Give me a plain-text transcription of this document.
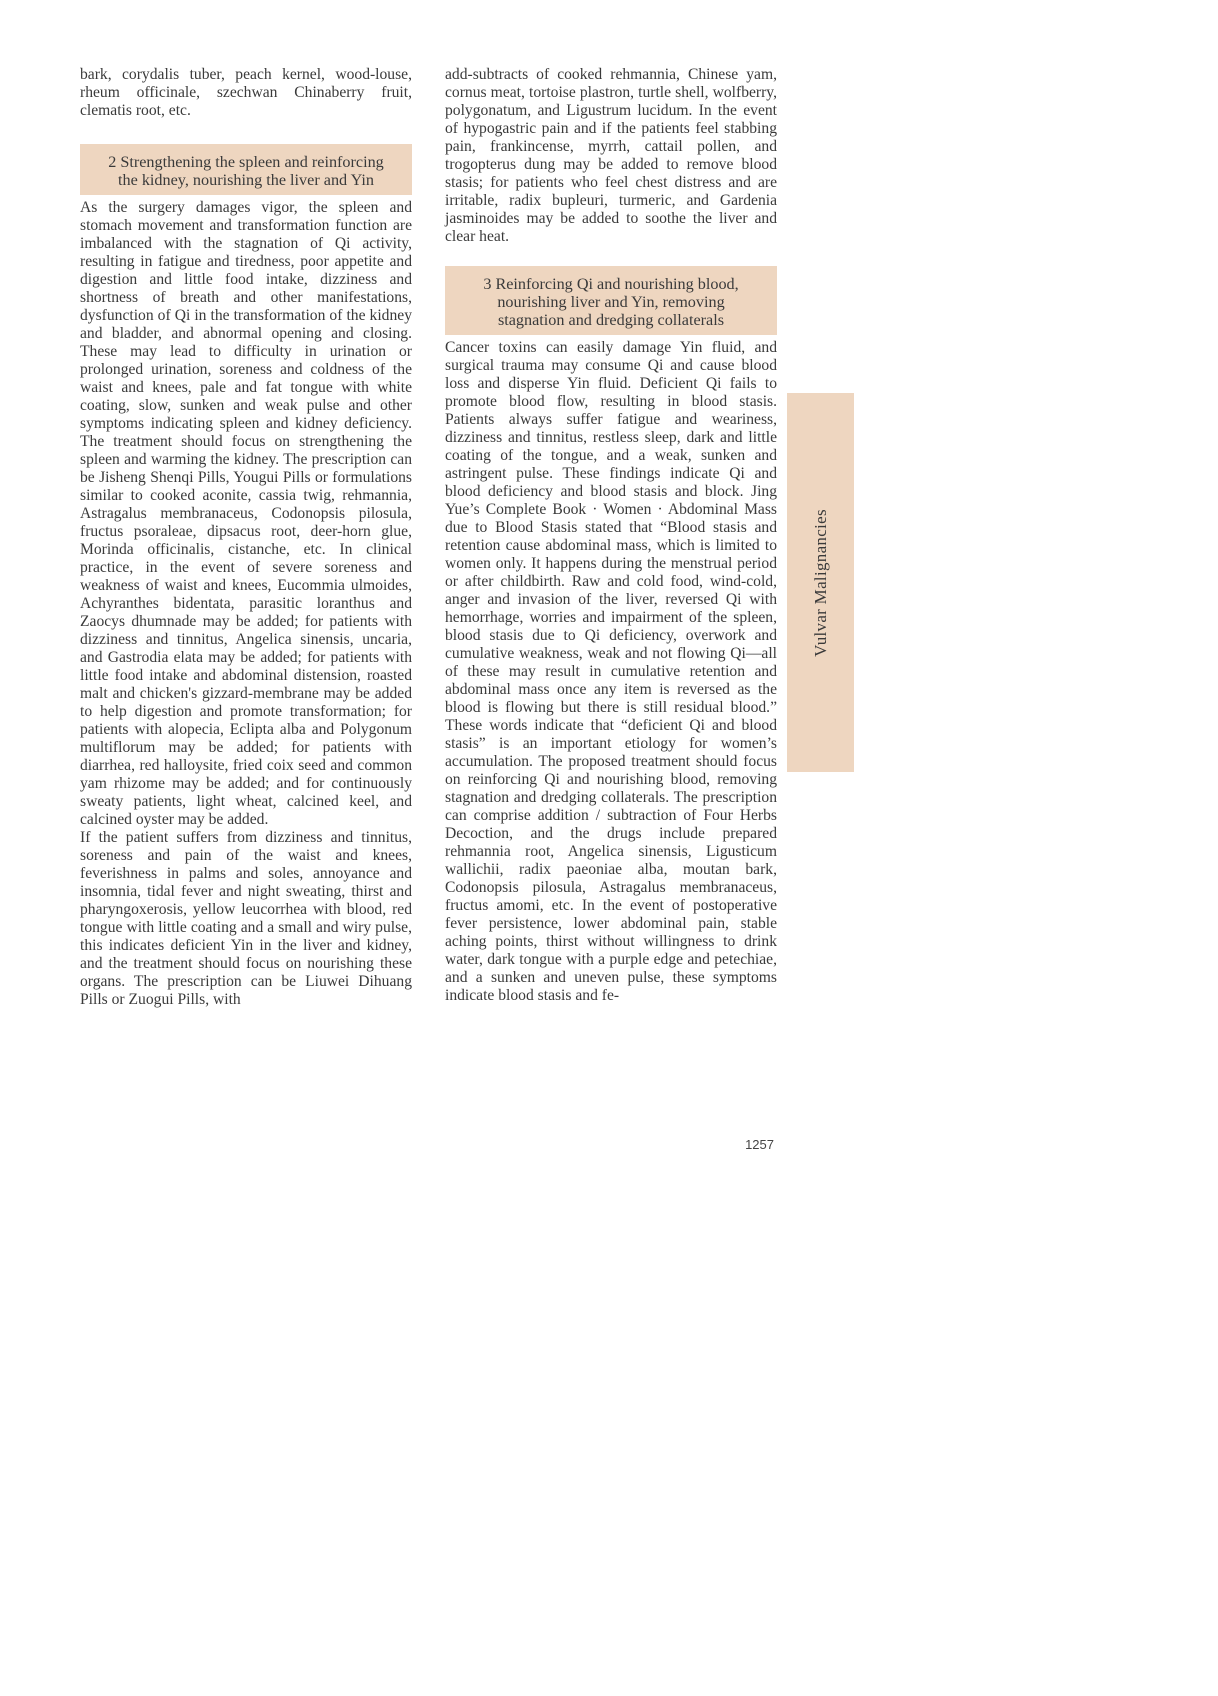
bark, corydalis tuber, peach kernel, wood-louse, rheum officinale, szechwan Chinaberry fruit, clematis root, etc.

2 Strengthening the spleen and reinforcing
the kidney, nourishing the liver and Yin

As the surgery damages vigor, the spleen and stomach movement and transformation function are imbalanced with the stagnation of Qi activity, resulting in fatigue and tiredness, poor appetite and digestion and little food intake, dizziness and shortness of breath and other manifestations, dysfunction of Qi in the transformation of the kidney and bladder, and abnormal opening and closing. These may lead to difficulty in urination or prolonged urination, soreness and coldness of the waist and knees, pale and fat tongue with white coating, slow, sunken and weak pulse and other symptoms indicating spleen and kidney deficiency. The treatment should focus on strengthening the spleen and warming the kidney. The prescription can be Jisheng Shenqi Pills, Yougui Pills or formulations similar to cooked aconite, cassia twig, rehmannia, Astragalus membranaceus, Codonopsis pilosula, fructus psoraleae, dipsacus root, deer-horn glue, Morinda officinalis, cistanche, etc. In clinical practice, in the event of severe soreness and weakness of waist and knees, Eucommia ulmoides, Achyranthes bidentata, parasitic loranthus and Zaocys dhumnade may be added; for patients with dizziness and tinnitus, Angelica sinensis, uncaria, and Gastrodia elata may be added; for patients with little food intake and abdominal distension, roasted malt and chicken's gizzard-membrane may be added to help digestion and promote transformation; for patients with alopecia, Eclipta alba and Polygonum multiflorum may be added; for patients with diarrhea, red halloysite, fried coix seed and common yam rhizome may be added; and for continuously sweaty patients, light wheat, calcined keel, and calcined oyster may be added.

If the patient suffers from dizziness and tinnitus, soreness and pain of the waist and knees, feverishness in palms and soles, annoyance and insomnia, tidal fever and night sweating, thirst and pharyngoxerosis, yellow leucorrhea with blood, red tongue with little coating and a small and wiry pulse, this indicates deficient Yin in the liver and kidney, and the treatment should focus on nourishing these organs. The prescription can be Liuwei Dihuang Pills or Zuogui Pills, with

add-subtracts of cooked rehmannia, Chinese yam, cornus meat, tortoise plastron, turtle shell, wolfberry, polygonatum, and Ligustrum lucidum. In the event of hypogastric pain and if the patients feel stabbing pain, frankincense, myrrh, cattail pollen, and trogopterus dung may be added to remove blood stasis; for patients who feel chest distress and are irritable, radix bupleuri, turmeric, and Gardenia jasminoides may be added to soothe the liver and clear heat.

3 Reinforcing Qi and nourishing blood,
nourishing liver and Yin, removing
stagnation and dredging collaterals

Cancer toxins can easily damage Yin fluid, and surgical trauma may consume Qi and cause blood loss and disperse Yin fluid. Deficient Qi fails to promote blood flow, resulting in blood stasis. Patients always suffer fatigue and weariness, dizziness and tinnitus, restless sleep, dark and little coating of the tongue, and a weak, sunken and astringent pulse. These findings indicate Qi and blood deficiency and blood stasis and block. Jing Yue’s Complete Book · Women · Abdominal Mass due to Blood Stasis stated that “Blood stasis and retention cause abdominal mass, which is limited to women only. It happens during the menstrual period or after childbirth. Raw and cold food, wind-cold, anger and invasion of the liver, reversed Qi with hemorrhage, worries and impairment of the spleen, blood stasis due to Qi deficiency, overwork and cumulative weakness, weak and not flowing Qi—all of these may result in cumulative retention and abdominal mass once any item is reversed as the blood is flowing but there is still residual blood.” These words indicate that “deficient Qi and blood stasis” is an important etiology for women’s accumulation. The proposed treatment should focus on reinforcing Qi and nourishing blood, removing stagnation and dredging collaterals. The prescription can comprise addition / subtraction of Four Herbs Decoction, and the drugs include prepared rehmannia root, Angelica sinensis, Ligusticum wallichii, radix paeoniae alba, moutan bark, Codonopsis pilosula, Astragalus membranaceus, fructus amomi, etc. In the event of postoperative fever persistence, lower abdominal pain, stable aching points, thirst without willingness to drink water, dark tongue with a purple edge and petechiae, and a sunken and uneven pulse, these symptoms indicate blood stasis and fe-

Vulvar Malignancies
1257
